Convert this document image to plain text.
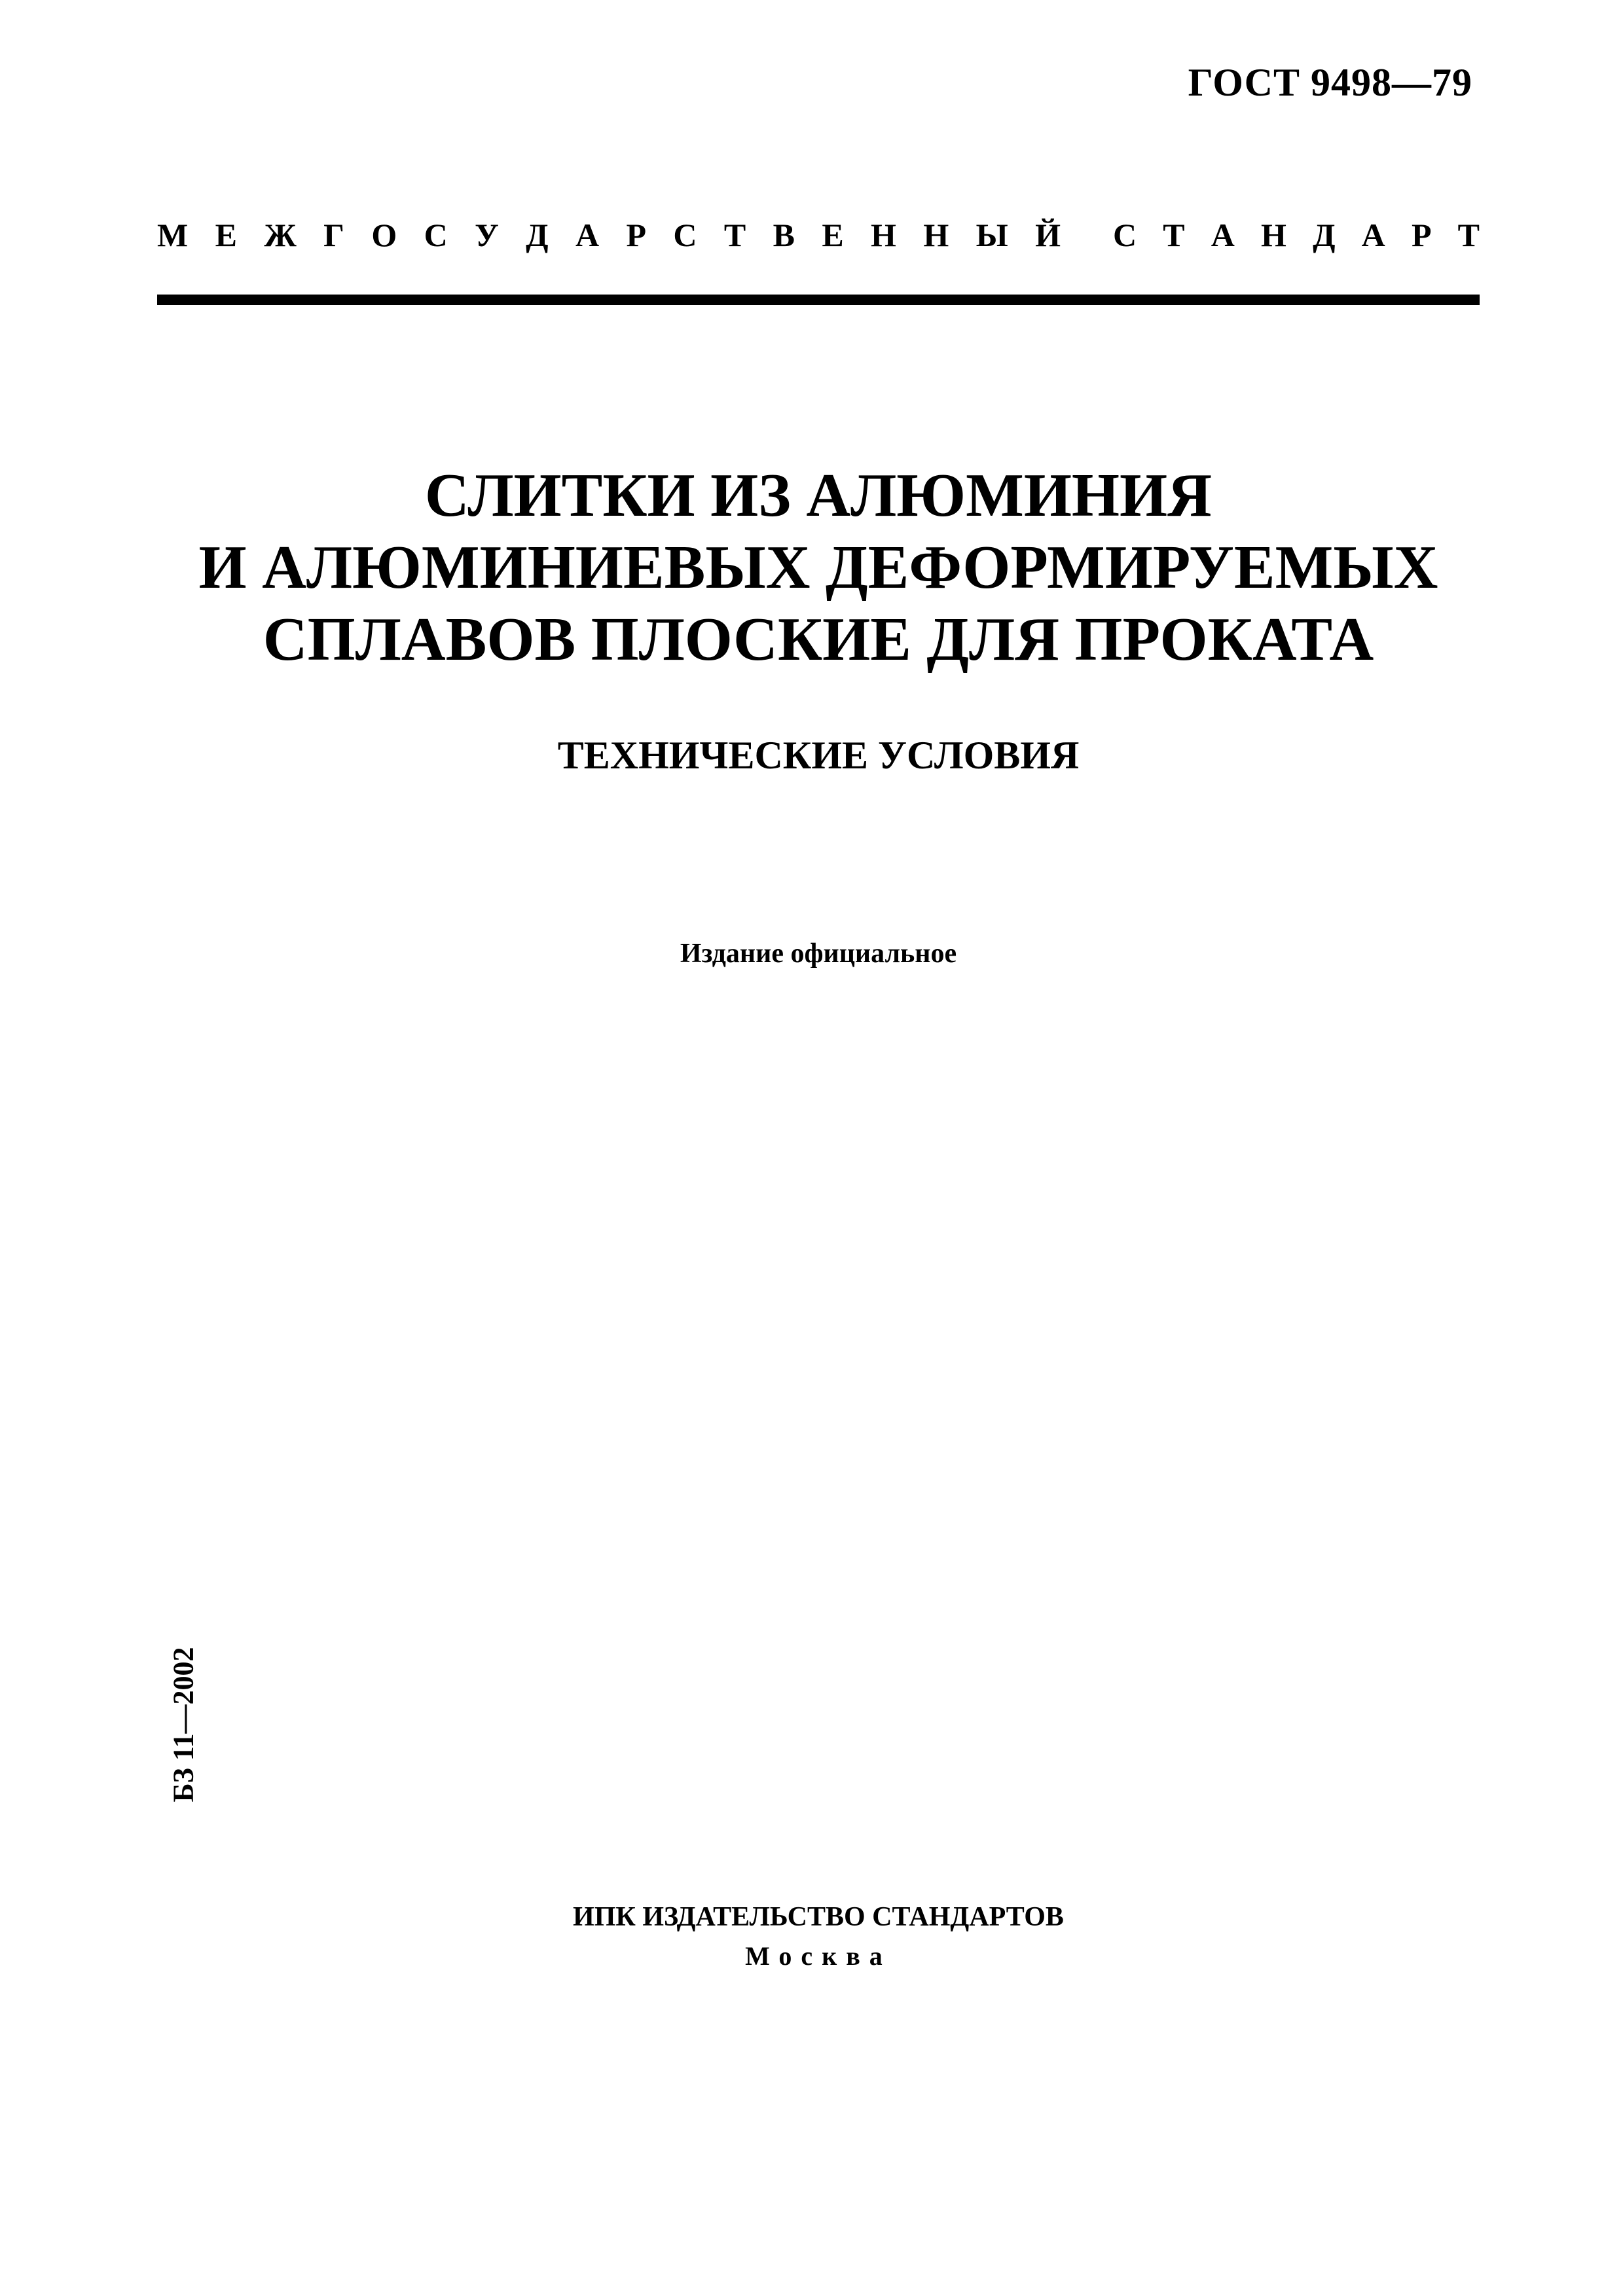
ГОСТ 9498—79
М Е Ж Г О С У Д А Р С Т В Е Н Н Ы Й С Т А Н Д А Р Т
СЛИТКИ ИЗ АЛЮМИНИЯ
И АЛЮМИНИЕВЫХ ДЕФОРМИРУЕМЫХ
СПЛАВОВ ПЛОСКИЕ ДЛЯ ПРОКАТА
ТЕХНИЧЕСКИЕ УСЛОВИЯ
Издание официальное
БЗ 11—2002
ИПК ИЗДАТЕЛЬСТВО СТАНДАРТОВ
Москва
